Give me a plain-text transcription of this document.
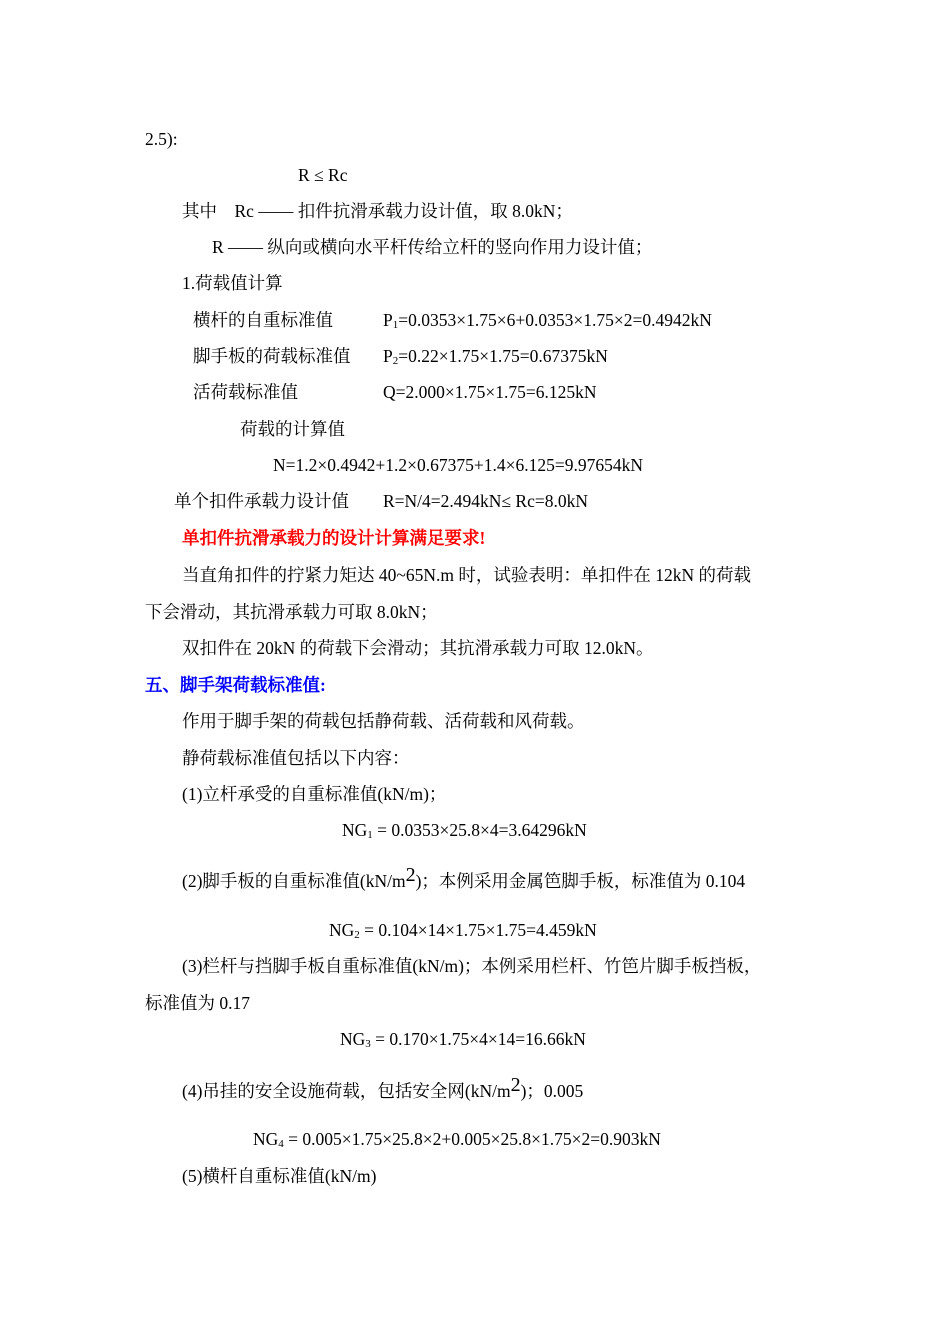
2.5):
R ≤ Rc
其中　Rc —— 扣件抗滑承载力设计值，取 8.0kN；
R —— 纵向或横向水平杆传给立杆的竖向作用力设计值；
1.荷载值计算
横杆的自重标准值	$P_1=0.0353\times 1.75\times 6+0.0353\times 1.75\times 2=0.4942kN$
脚手板的荷载标准值 $P_2=0.22\times 1.75\times 1.75=0.67375kN$
活荷载标准值	Q=2.000×1.75×1.75=6.125kN
荷载的计算值
N=1.2×0.4942+1.2×0.67375+1.4×6.125=9.97654kN
单个扣件承载力设计值 R=N/4=2.494kN≤ Rc=8.0kN
单扣件抗滑承载力的设计计算满足要求!
当直角扣件的拧紧力矩达 40~65N.m 时，试验表明：单扣件在 12kN 的荷载
下会滑动，其抗滑承载力可取 8.0kN；
双扣件在 20kN 的荷载下会滑动；其抗滑承载力可取 12.0kN。
五、脚手架荷载标准值:
作用于脚手架的荷载包括静荷载、活荷载和风荷载。
静荷载标准值包括以下内容：
(1)立杆承受的自重标准值(kN/m)；
$NG_1 = 0.0353\times 25.8\times 4=3.64296kN$
(2)脚手板的自重标准值$(kN/m^2)$；本例采用金属笆脚手板，标准值为 0.104
$NG_2 = 0.104\times 14\times 1.75\times 1.75=4.459kN$
(3)栏杆与挡脚手板自重标准值(kN/m)；本例采用栏杆、竹笆片脚手板挡板，
标准值为 0.17
$NG_3 = 0.170\times 1.75\times 4\times 14=16.66kN$
(4)吊挂的安全设施荷载，包括安全网$(kN/m^2)$；0.005
$NG_4 = 0.005\times 1.75\times 25.8\times 2+0.005\times 25.8\times 1.75\times 2=0.903kN$
(5)横杆自重标准值(kN/m)
